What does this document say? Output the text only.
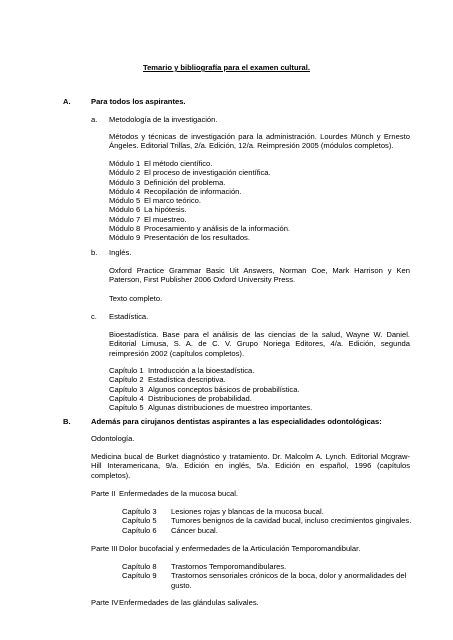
Temario y bibliografía para el examen cultural.
A.	Para todos los aspirantes.
a. Metodología de la investigación.
Métodos y técnicas de investigación para la administración. Lourdes Münch y Ernesto Ángeles. Editorial Trillas, 2/a. Edición, 12/a. Reimpresión 2005 (módulos completos).
Módulo 1 El método científico.
Módulo 2 El proceso de investigación científica.
Módulo 3 Definición del problema.
Módulo 4 Recopilación de información.
Módulo 5 El marco teórico.
Módulo 6 La hipótesis.
Módulo 7 El muestreo.
Módulo 8 Procesamiento y análisis de la información.
Módulo 9 Presentación de los resultados.
b. Inglés.
Oxford Practice Grammar Basic Uit Answers, Norman Coe, Mark Harrison y Ken Paterson, First Publisher 2006 Oxford University Press.
Texto completo.
c. Estadística.
Bioestadística. Base para el análisis de las ciencias de la salud, Wayne W. Daniel. Editorial Limusa, S. A. de C. V. Grupo Noriega Editores, 4/a. Edición, segunda reimpresión 2002 (capítulos completos).
Capítulo 1 Introducción a la bioestadística.
Capítulo 2 Estadística descriptiva.
Capítulo 3 Algunos conceptos básicos de probabilística.
Capítulo 4 Distribuciones de probabilidad.
Capítulo 5 Algunas distribuciones de muestreo importantes.
B.	Además para cirujanos dentistas aspirantes a las especialidades odontológicas:
Odontología.
Medicina bucal de Burket diagnóstico y tratamiento. Dr. Malcolm A. Lynch. Editorial Mcgraw-Hill Interamericana, 9/a. Edición en inglés, 5/a. Edición en español, 1996 (capítulos completos).
Parte II Enfermedades de la mucosa bucal.
Capítulo 3	Lesiones rojas y blancas de la mucosa bucal.
Capítulo 5	Tumores benignos de la cavidad bucal, incluso crecimientos gingivales.
Capítulo 6	Cáncer bucal.
Parte III Dolor bucofacial y enfermedades de la Articulación Temporomandibular.
Capítulo 8	Trastornos Temporomandibulares.
Capítulo 9	Trastornos sensoriales crónicos de la boca, dolor y anormalidades del gusto.
Parte IV Enfermedades de las glándulas salivales.
